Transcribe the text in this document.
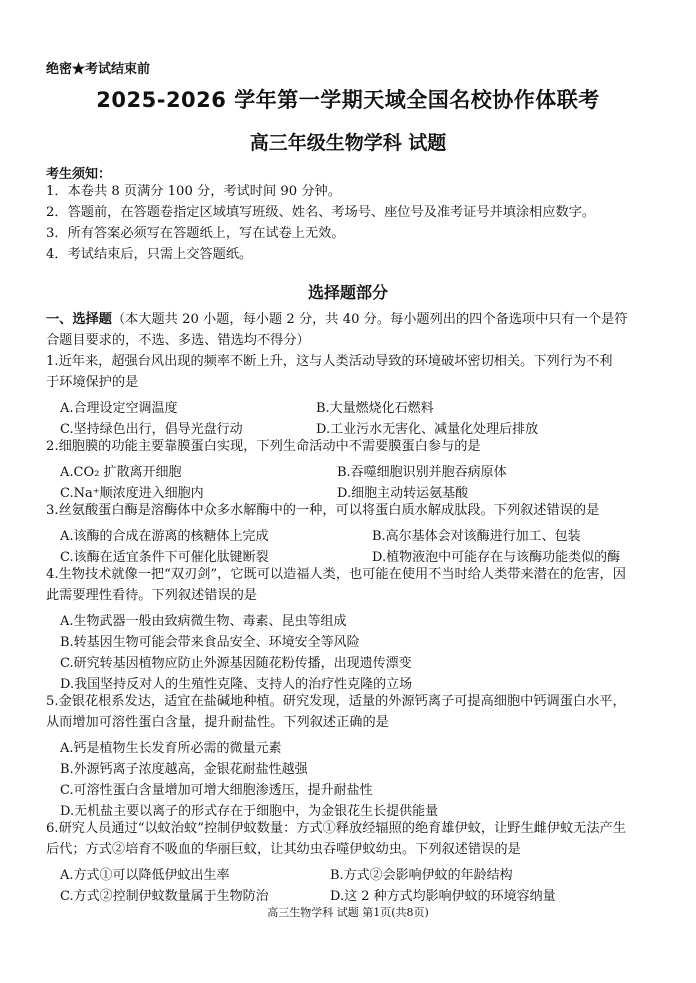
绝密★考试结束前
2025-2026 学年第一学期天域全国名校协作体联考
高三年级生物学科 试题
考生须知：
1．本卷共 8 页满分 100 分，考试时间 90 分钟。
2．答题前，在答题卷指定区域填写班级、姓名、考场号、座位号及准考证号并填涂相应数字。
3．所有答案必须写在答题纸上，写在试卷上无效。
4．考试结束后，只需上交答题纸。
选择题部分
一、选择题（本大题共 20 小题，每小题 2 分，共 40 分。每小题列出的四个备选项中只有一个是符
合题目要求的，不选、多选、错选均不得分）
1.近年来，超强台风出现的频率不断上升，这与人类活动导致的环境破坏密切相关。下列行为不利
于环境保护的是
A.合理设定空调温度	B.大量燃烧化石燃料
C.坚持绿色出行，倡导光盘行动	D.工业污水无害化、减量化处理后排放
2.细胞膜的功能主要靠膜蛋白实现，下列生命活动中不需要膜蛋白参与的是
A.CO₂ 扩散离开细胞	B.吞噬细胞识别并胞吞病原体
C.Na⁺顺浓度进入细胞内	D.细胞主动转运氨基酸
3.丝氨酸蛋白酶是溶酶体中众多水解酶中的一种，可以将蛋白质水解成肽段。下列叙述错误的是
A.该酶的合成在游离的核糖体上完成	B.高尔基体会对该酶进行加工、包装
C.该酶在适宜条件下可催化肽键断裂	D.植物液泡中可能存在与该酶功能类似的酶
4.生物技术就像一把“双刃剑”，它既可以造福人类，也可能在使用不当时给人类带来潜在的危害，因
此需要理性看待。下列叙述错误的是
A.生物武器一般由致病微生物、毒素、昆虫等组成
B.转基因生物可能会带来食品安全、环境安全等风险
C.研究转基因植物应防止外源基因随花粉传播，出现遗传漂变
D.我国坚持反对人的生殖性克隆、支持人的治疗性克隆的立场
5.金银花根系发达，适宜在盐碱地种植。研究发现，适量的外源钙离子可提高细胞中钙调蛋白水平，
从而增加可溶性蛋白含量，提升耐盐性。下列叙述正确的是
A.钙是植物生长发育所必需的微量元素
B.外源钙离子浓度越高，金银花耐盐性越强
C.可溶性蛋白含量增加可增大细胞渗透压，提升耐盐性
D.无机盐主要以离子的形式存在于细胞中，为金银花生长提供能量
6.研究人员通过“以蚊治蚊”控制伊蚊数量：方式①释放经辐照的绝育雄伊蚊，让野生雌伊蚊无法产生
后代；方式②培育不吸血的华丽巨蚊，让其幼虫吞噬伊蚊幼虫。下列叙述错误的是
A.方式①可以降低伊蚊出生率	B.方式②会影响伊蚊的年龄结构
C.方式②控制伊蚊数量属于生物防治	D.这 2 种方式均影响伊蚊的环境容纳量
高三生物学科 试题 第1页(共8页)
